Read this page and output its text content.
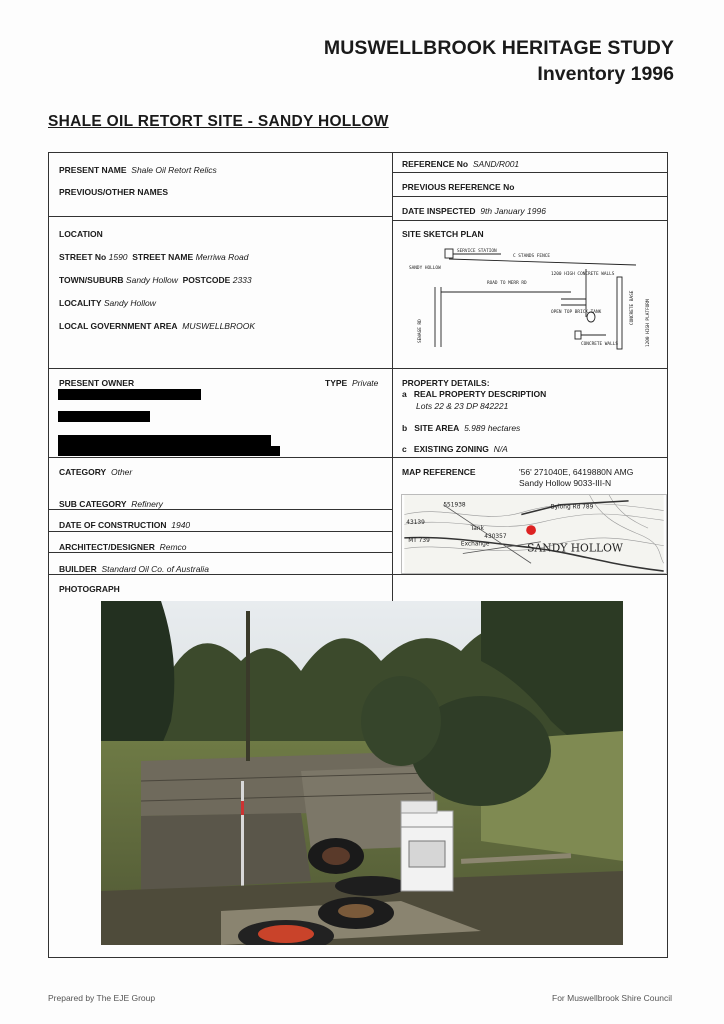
MUSWELLBROOK HERITAGE STUDY
Inventory 1996
SHALE OIL RETORT SITE - SANDY HOLLOW
PRESENT NAME Shale Oil Retort Relics
PREVIOUS/OTHER NAMES
REFERENCE No SAND/R001
PREVIOUS REFERENCE No
DATE INSPECTED 9th January 1996
LOCATION
STREET No 1590 STREET NAME Merriwa Road
TOWN/SUBURB Sandy Hollow POSTCODE 2333
LOCALITY Sandy Hollow
LOCAL GOVERNMENT AREA MUSWELLBROOK
SITE SKETCH PLAN
SERVICE STATION
C STANDS FENCE
SANDY HOLLOW
ROAD TO MERR RD
1200 HIGH CONCRETE WALLS
OPEN TOP BRICK TANK
CONCRETE WALLS
SEWAGE RD
CONCRETE BASE	1200 HIGH PLATFORM
PRESENT OWNER	TYPE Private	PROPERTY DETAILS:
a REAL PROPERTY DESCRIPTION
Lots 22 & 23 DP 842221
b SITE AREA 5.989 hectares
c EXISTING ZONING N/A
CATEGORY Other
SUB CATEGORY Refinery
DATE OF CONSTRUCTION 1940
ARCHITECT/DESIGNER Remco
BUILDER Standard Oil Co. of Australia
MAP REFERENCE	'56' 271040E, 6419880N AMG
Sandy Hollow 9033-III-N
551938
43139
430357
Tank
Exchange
MT 739
Bylong Rd 789
SANDY HOLLOW
PHOTOGRAPH
Prepared by The EJE Group	For Muswellbrook Shire Council
